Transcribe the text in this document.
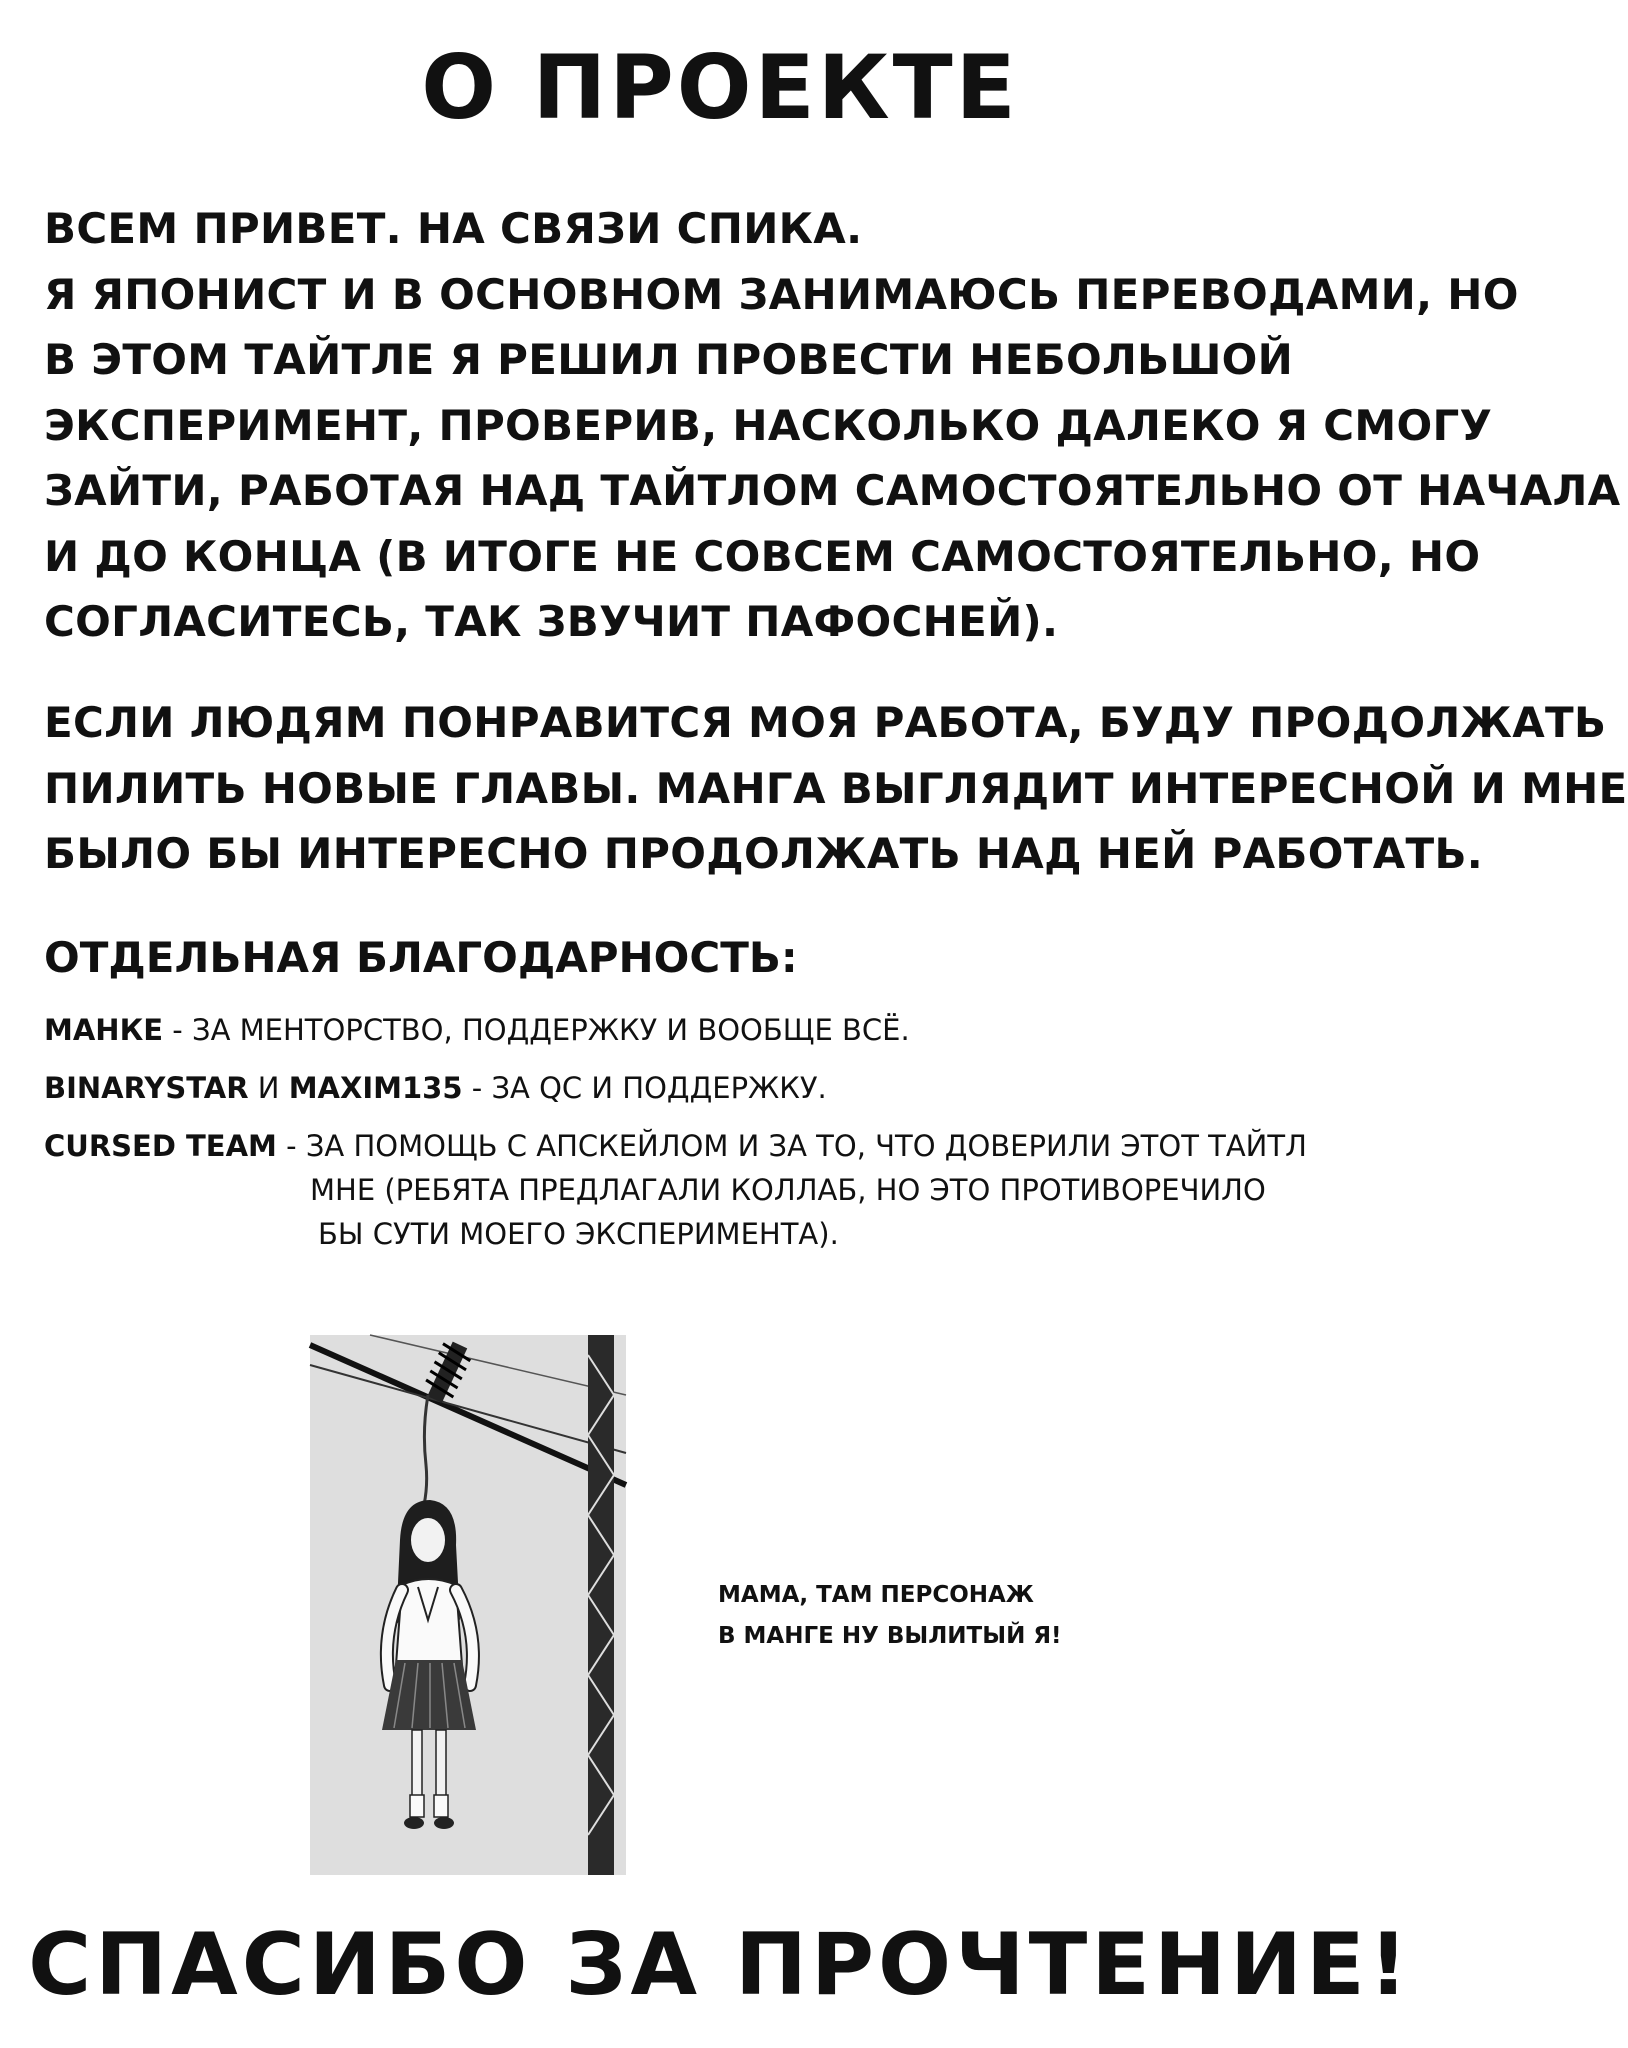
О ПРОЕКТЕ
ВСЕМ ПРИВЕТ. НА СВЯЗИ СПИКА.
Я ЯПОНИСТ И В ОСНОВНОМ ЗАНИМАЮСЬ ПЕРЕВОДАМИ, НО
В ЭТОМ ТАЙТЛЕ Я РЕШИЛ ПРОВЕСТИ НЕБОЛЬШОЙ
ЭКСПЕРИМЕНТ, ПРОВЕРИВ, НАСКОЛЬКО ДАЛЕКО Я СМОГУ
ЗАЙТИ, РАБОТАЯ НАД ТАЙТЛОМ САМОСТОЯТЕЛЬНО ОТ НАЧАЛА
И ДО КОНЦА (В ИТОГЕ НЕ СОВСЕМ САМОСТОЯТЕЛЬНО, НО
СОГЛАСИТЕСЬ, ТАК ЗВУЧИТ ПАФОСНЕЙ).
ЕСЛИ ЛЮДЯМ ПОНРАВИТСЯ МОЯ РАБОТА, БУДУ ПРОДОЛЖАТЬ
ПИЛИТЬ НОВЫЕ ГЛАВЫ. МАНГА ВЫГЛЯДИТ ИНТЕРЕСНОЙ И МНЕ
БЫЛО БЫ ИНТЕРЕСНО ПРОДОЛЖАТЬ НАД НЕЙ РАБОТАТЬ.
ОТДЕЛЬНАЯ БЛАГОДАРНОСТЬ:
МАНКЕ - ЗА МЕНТОРСТВО, ПОДДЕРЖКУ И ВООБЩЕ ВСЁ.
BINARYSTAR И MAXIM135 - ЗА QC И ПОДДЕРЖКУ.
CURSED TEAM - ЗА ПОМОЩЬ С АПСКЕЙЛОМ И ЗА ТО, ЧТО ДОВЕРИЛИ ЭТОТ ТАЙТЛ
МНЕ (РЕБЯТА ПРЕДЛАГАЛИ КОЛЛАБ, НО ЭТО ПРОТИВОРЕЧИЛО
БЫ СУТИ МОЕГО ЭКСПЕРИМЕНТА).
МАМА, ТАМ ПЕРСОНАЖ
В МАНГЕ НУ ВЫЛИТЫЙ Я!
СПАСИБО ЗА ПРОЧТЕНИЕ!
